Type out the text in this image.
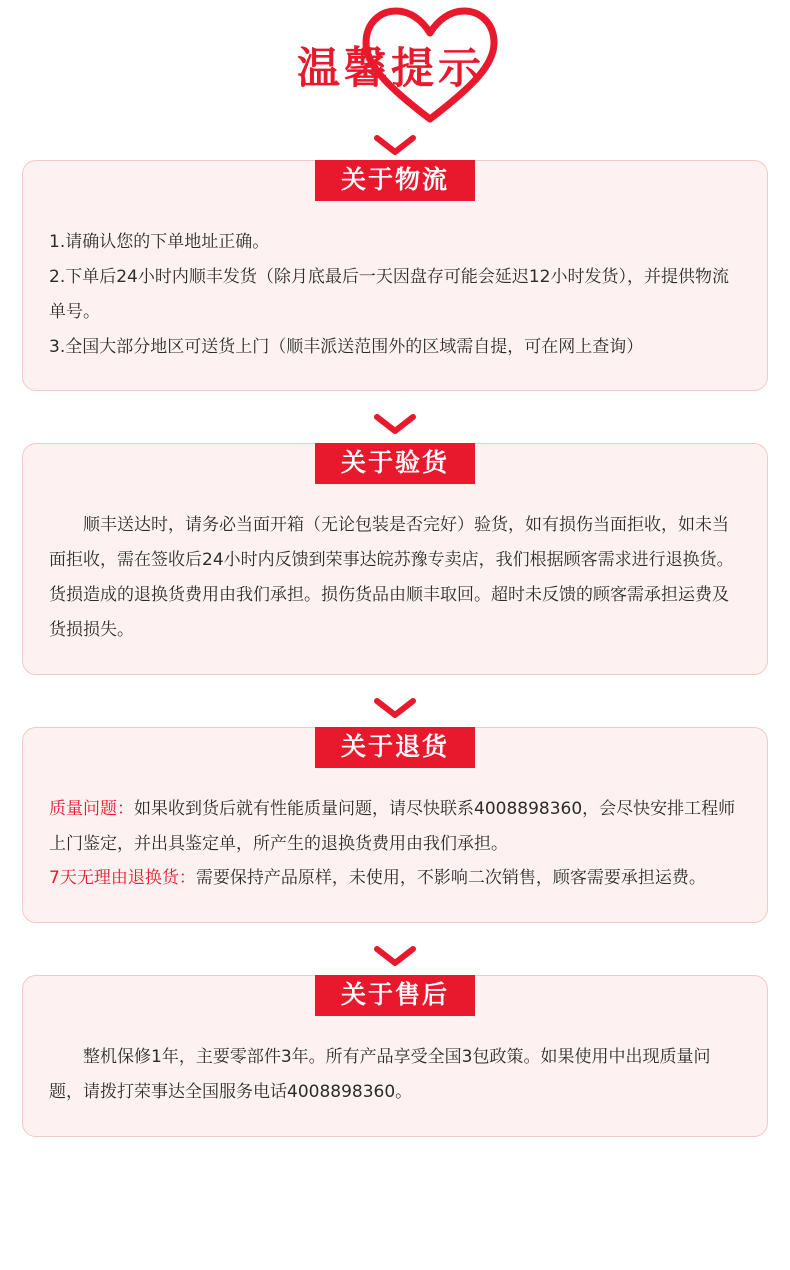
温馨提示
关于物流

1.请确认您的下单地址正确。

2.下单后24小时内顺丰发货（除月底最后一天因盘存可能会延迟12小时发货），并提供物流单号。

3.全国大部分地区可送货上门（顺丰派送范围外的区域需自提，可在网上查询）

关于验货

顺丰送达时，请务必当面开箱（无论包装是否完好）验货，如有损伤当面拒收，如未当面拒收，需在签收后24小时内反馈到荣事达皖苏豫专卖店，我们根据顾客需求进行退换货。货损造成的退换货费用由我们承担。损伤货品由顺丰取回。超时未反馈的顾客需承担运费及货损损失。

关于退货

质量问题：如果收到货后就有性能质量问题，请尽快联系4008898360，会尽快安排工程师上门鉴定，并出具鉴定单，所产生的退换货费用由我们承担。

7天无理由退换货：需要保持产品原样，未使用，不影响二次销售，顾客需要承担运费。

关于售后

整机保修1年，主要零部件3年。所有产品享受全国3包政策。如果使用中出现质量问题，请拨打荣事达全国服务电话4008898360。
